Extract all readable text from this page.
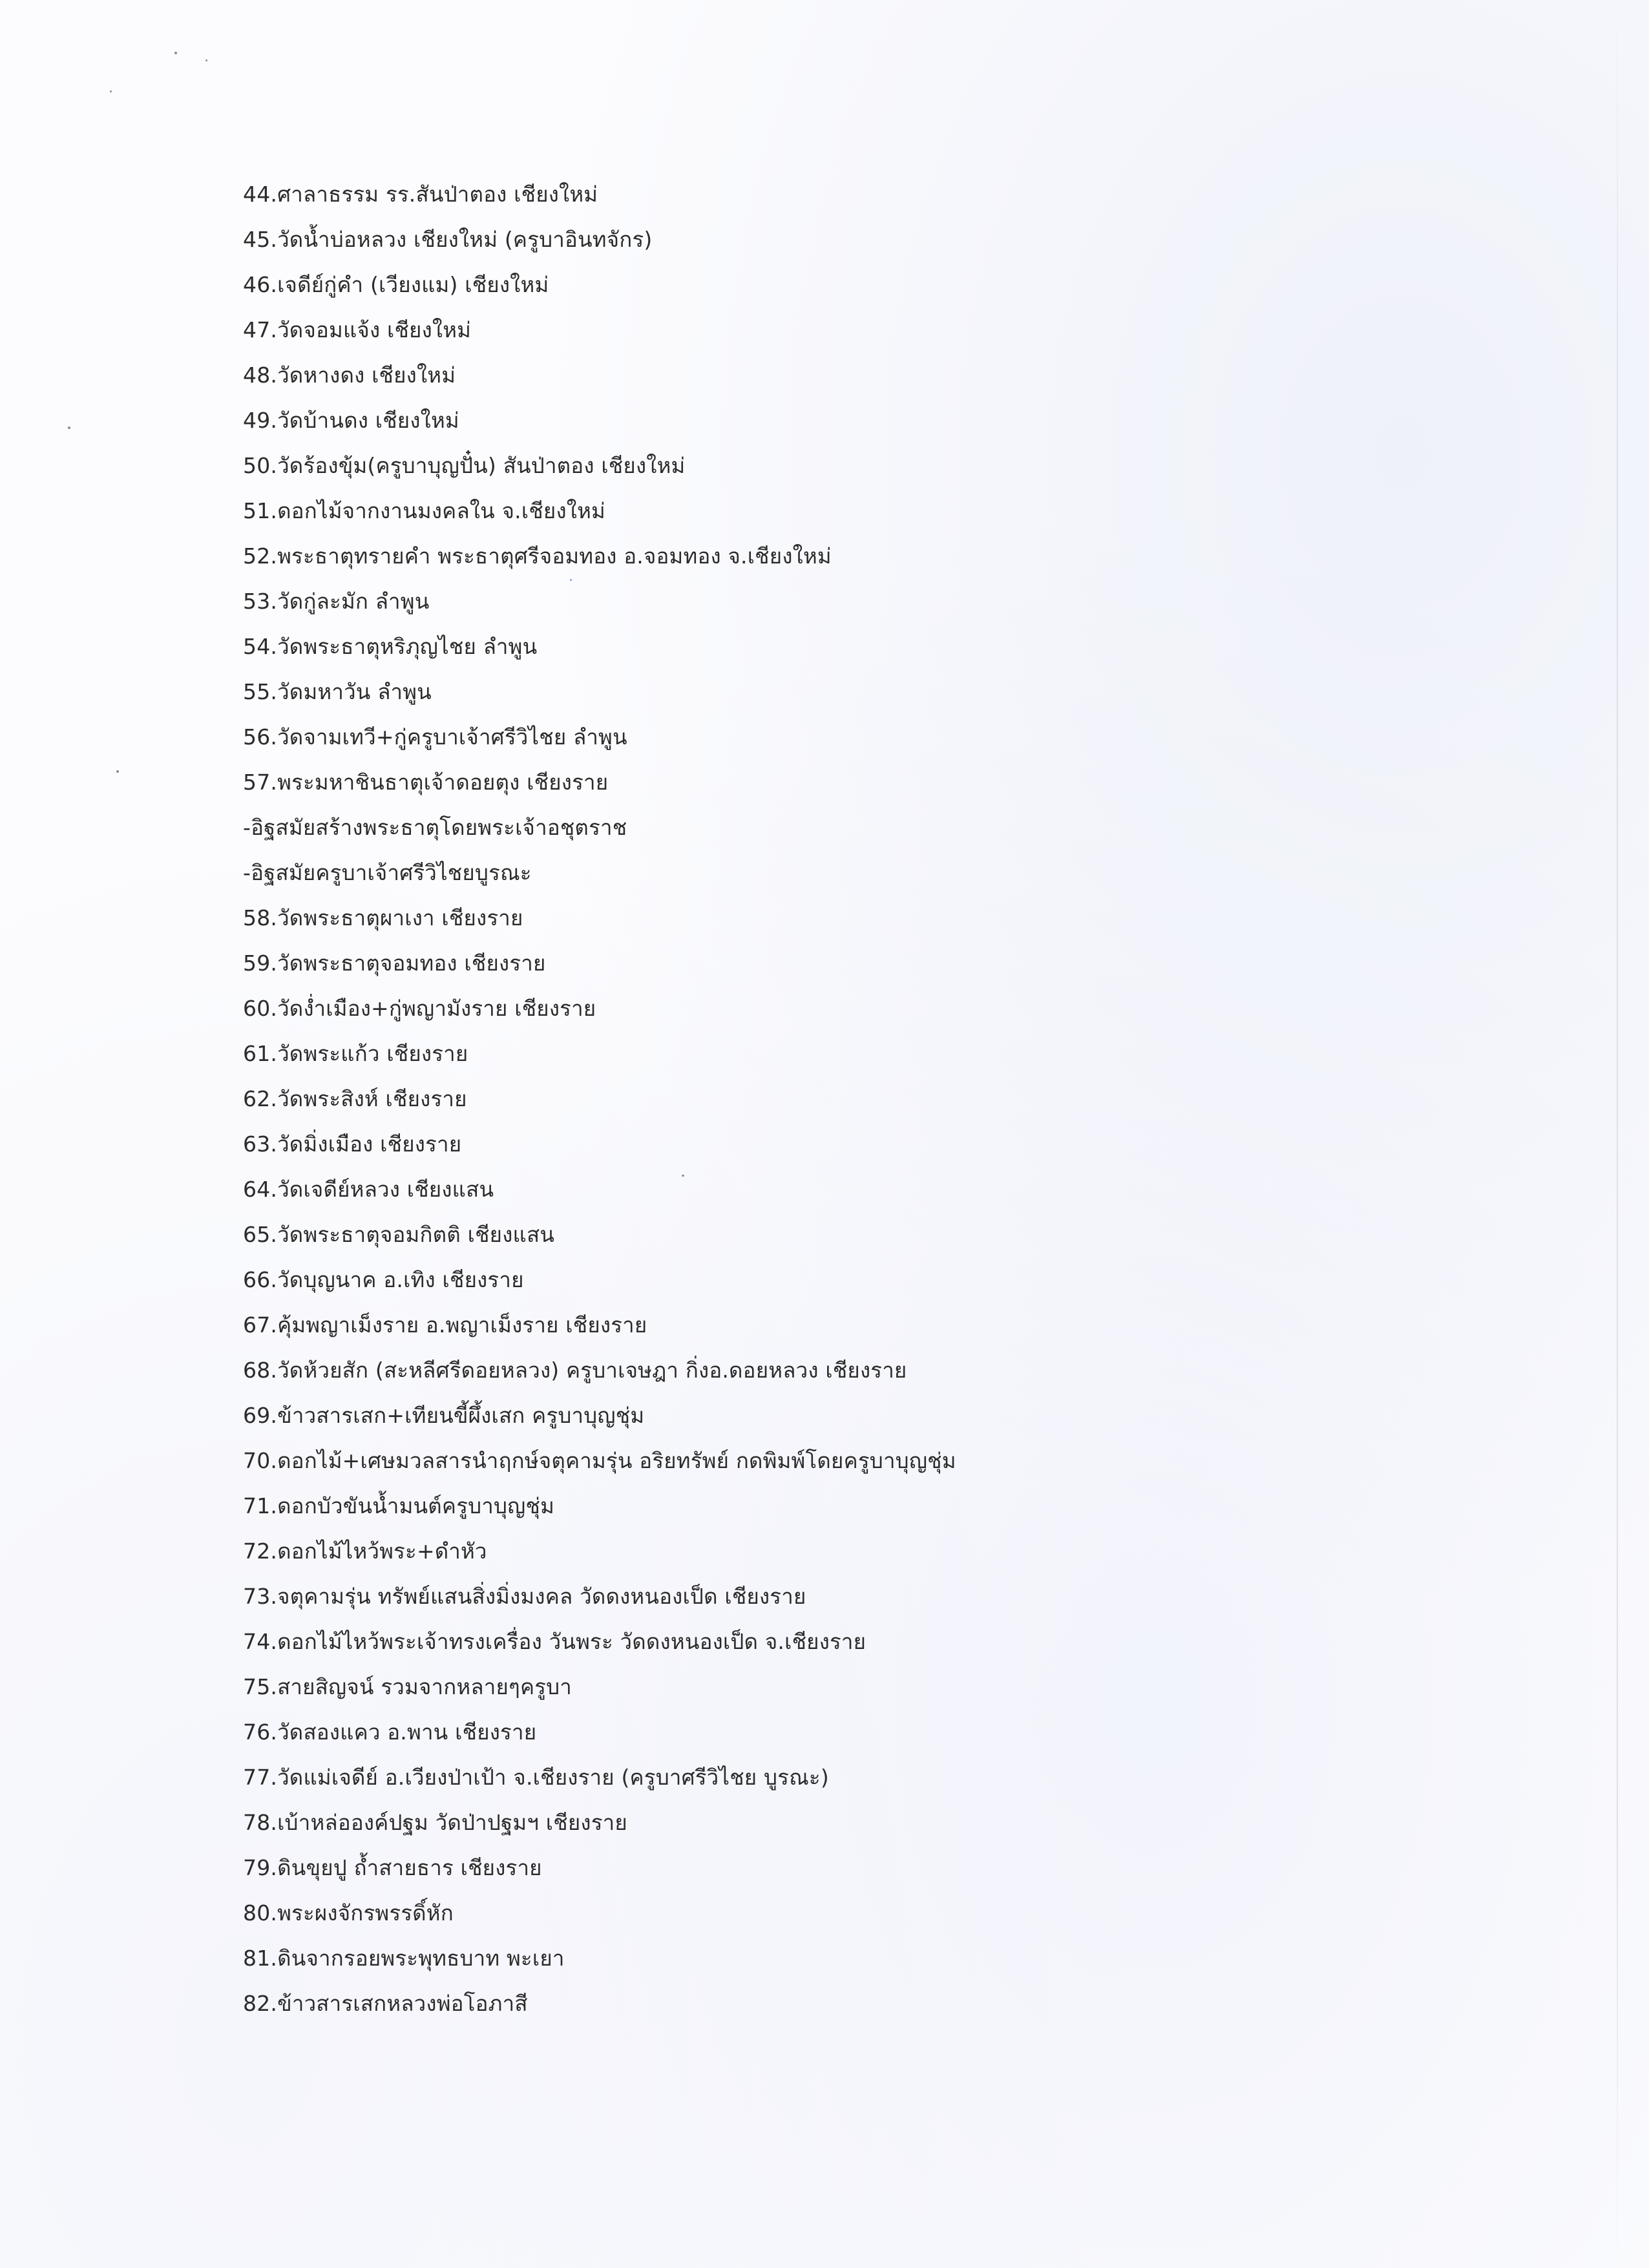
44.ศาลาธรรม รร.สันป่าตอง เชียงใหม่
45.วัดน้ำบ่อหลวง เชียงใหม่ (ครูบาอินทจักร)
46.เจดีย์กู่คำ (เวียงแม) เชียงใหม่
47.วัดจอมแจ้ง เชียงใหม่
48.วัดหางดง เชียงใหม่
49.วัดบ้านดง เชียงใหม่
50.วัดร้องขุ้ม(ครูบาบุญปั๋น) สันป่าตอง เชียงใหม่
51.ดอกไม้จากงานมงคลใน จ.เชียงใหม่
52.พระธาตุทรายคำ พระธาตุศรีจอมทอง อ.จอมทอง จ.เชียงใหม่
53.วัดกู่ละมัก ลำพูน
54.วัดพระธาตุหริภุญไชย ลำพูน
55.วัดมหาวัน ลำพูน
56.วัดจามเทวี+กู่ครูบาเจ้าศรีวิไชย ลำพูน
57.พระมหาชินธาตุเจ้าดอยตุง เชียงราย
-อิฐสมัยสร้างพระธาตุโดยพระเจ้าอชุตราช
-อิฐสมัยครูบาเจ้าศรีวิไชยบูรณะ
58.วัดพระธาตุผาเงา เชียงราย
59.วัดพระธาตุจอมทอง เชียงราย
60.วัดง่ำเมือง+กู่พญามังราย เชียงราย
61.วัดพระแก้ว เชียงราย
62.วัดพระสิงห์ เชียงราย
63.วัดมิ่งเมือง เชียงราย
64.วัดเจดีย์หลวง เชียงแสน
65.วัดพระธาตุจอมกิตติ เชียงแสน
66.วัดบุญนาค อ.เทิง เชียงราย
67.คุ้มพญาเม็งราย อ.พญาเม็งราย เชียงราย
68.วัดห้วยสัก (สะหลีศรีดอยหลวง) ครูบาเจษฎา กิ่งอ.ดอยหลวง เชียงราย
69.ข้าวสารเสก+เทียนขี้ผึ้งเสก ครูบาบุญชุ่ม
70.ดอกไม้+เศษมวลสารนำฤกษ์จตุคามรุ่น อริยทรัพย์ กดพิมพ์โดยครูบาบุญชุ่ม
71.ดอกบัวขันน้ำมนต์ครูบาบุญชุ่ม
72.ดอกไม้ไหว้พระ+ดำหัว
73.จตุคามรุ่น ทรัพย์แสนสิ่งมิ่งมงคล วัดดงหนองเป็ด เชียงราย
74.ดอกไม้ไหว้พระเจ้าทรงเครื่อง วันพระ วัดดงหนองเป็ด จ.เชียงราย
75.สายสิญจน์ รวมจากหลายๆครูบา
76.วัดสองแคว อ.พาน เชียงราย
77.วัดแม่เจดีย์ อ.เวียงป่าเป้า จ.เชียงราย (ครูบาศรีวิไชย บูรณะ)
78.เบ้าหล่อองค์ปฐม วัดป่าปฐมฯ เชียงราย
79.ดินขุยปู ถ้ำสายธาร เชียงราย
80.พระผงจักรพรรดิ์หัก
81.ดินจากรอยพระพุทธบาท พะเยา
82.ข้าวสารเสกหลวงพ่อโอภาสี
